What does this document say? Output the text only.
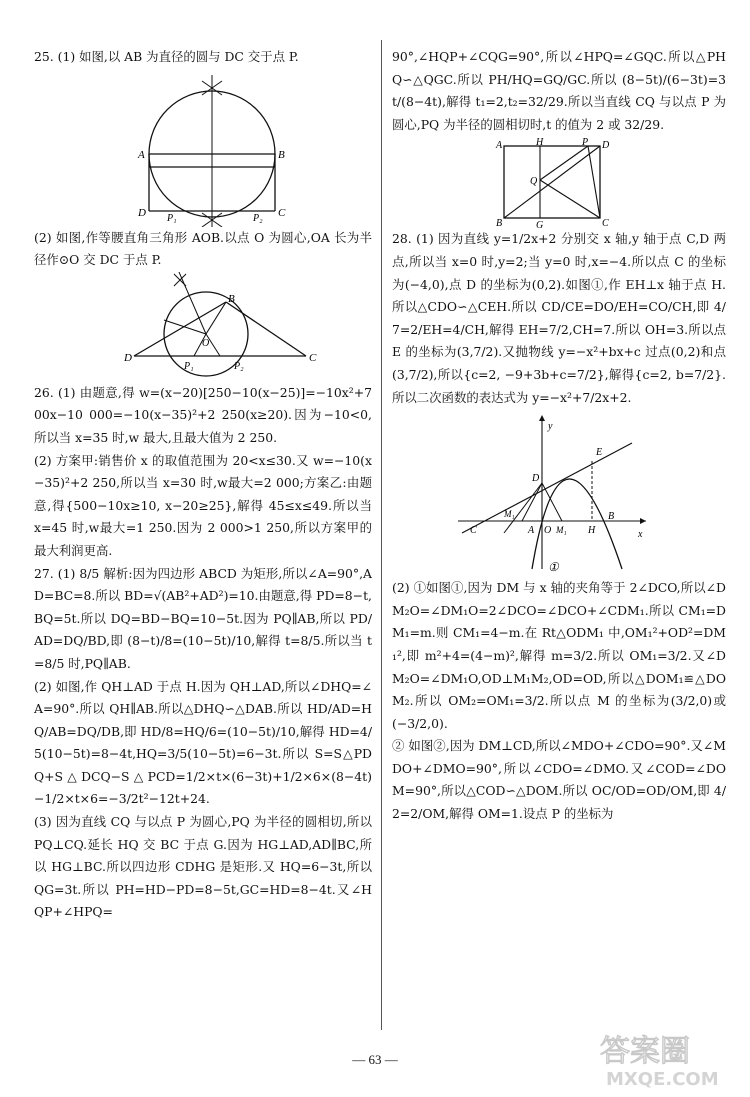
25. (1) 如图,以 AB 为直径的圆与 DC 交于点 P.

A	B
D	C
P₁	P₂

(2) 如图,作等腰直角三角形 AOB.以点 O 为圆心,OA 长为半径作⊙O 交 DC 于点 P.

B
D	C
O
P₁	P₂

26. (1) 由题意,得 w=(x−20)[250−10(x−25)]=−10x²+700x−10 000=−10(x−35)²+2 250(x≥20).因为−10<0,所以当 x=35 时,w 最大,且最大值为 2 250.

(2) 方案甲:销售价 x 的取值范围为 20<x≤30.又 w=−10(x−35)²+2 250,所以当 x=30 时,w最大=2 000;方案乙:由题意,得{500−10x≥10, x−20≥25},解得 45≤x≤49.所以当 x=45 时,w最大=1 250.因为 2 000>1 250,所以方案甲的最大利润更高.

27. (1) 8/5 解析:因为四边形 ABCD 为矩形,所以∠A=90°,AD=BC=8.所以 BD=√(AB²+AD²)=10.由题意,得 PD=8−t,BQ=5t.所以 DQ=BD−BQ=10−5t.因为 PQ∥AB,所以 PD/AD=DQ/BD,即 (8−t)/8=(10−5t)/10,解得 t=8/5.所以当 t=8/5 时,PQ∥AB.

(2) 如图,作 QH⊥AD 于点 H.因为 QH⊥AD,所以∠DHQ=∠A=90°.所以 QH∥AB.所以△DHQ∽△DAB.所以 HD/AD=HQ/AB=DQ/DB,即 HD/8=HQ/6=(10−5t)/10,解得 HD=4/5(10−5t)=8−4t,HQ=3/5(10−5t)=6−3t.所以 S=S△PDQ+S△DCQ−S△PCD=1/2×t×(6−3t)+1/2×6×(8−4t)−1/2×t×6=−3/2t²−12t+24.

(3) 因为直线 CQ 与以点 P 为圆心,PQ 为半径的圆相切,所以 PQ⊥CQ.延长 HQ 交 BC 于点 G.因为 HG⊥AD,AD∥BC,所以 HG⊥BC.所以四边形 CDHG 是矩形.又 HQ=6−3t,所以 QG=3t.所以 PH=HD−PD=8−5t,GC=HD=8−4t.又∠HQP+∠HPQ=

90°,∠HQP+∠CQG=90°,所以∠HPQ=∠GQC.所以△PHQ∽△QGC.所以 PH/HQ=GQ/GC.所以 (8−5t)/(6−3t)=3t/(8−4t),解得 t₁=2,t₂=32/29.所以当直线 CQ 与以点 P 为圆心,PQ 为半径的圆相切时,t 的值为 2 或 32/29.

A	H	P D
Q
B	G	C

28. (1) 因为直线 y=1/2x+2 分别交 x 轴,y 轴于点 C,D 两点,所以当 x=0 时,y=2;当 y=0 时,x=−4.所以点 C 的坐标为(−4,0),点 D 的坐标为(0,2).如图①,作 EH⊥x 轴于点 H.所以△CDO∽△CEH.所以 CD/CE=DO/EH=CO/CH,即 4/7=2/EH=4/CH,解得 EH=7/2,CH=7.所以 OH=3.所以点 E 的坐标为(3,7/2).又抛物线 y=−x²+bx+c 过点(0,2)和点(3,7/2),所以{c=2, −9+3b+c=7/2},解得{c=2, b=7/2}.所以二次函数的表达式为 y=−x²+7/2x+2.

y
x
E
D
C
M₁
A O M₁ H
B
①

(2) ①如图①,因为 DM 与 x 轴的夹角等于 2∠DCO,所以∠DM₂O=∠DM₁O=2∠DCO=∠DCO+∠CDM₁.所以 CM₁=DM₁=m.则 CM₁=4−m.在 Rt△ODM₁ 中,OM₁²+OD²=DM₁²,即 m²+4=(4−m)²,解得 m=3/2.所以 OM₁=3/2.又∠DM₂O=∠DM₁O,OD⊥M₁M₂,OD=OD,所以△DOM₁≌△DOM₂.所以 OM₂=OM₁=3/2.所以点 M 的坐标为(3/2,0)或(−3/2,0).

② 如图②,因为 DM⊥CD,所以∠MDO+∠CDO=90°.又∠MDO+∠DMO=90°,所以∠CDO=∠DMO.又∠COD=∠DOM=90°,所以△COD∽△DOM.所以 OC/OD=OD/OM,即 4/2=2/OM,解得 OM=1.设点 P 的坐标为

— 63 —	答案圈
MXQE.COM
